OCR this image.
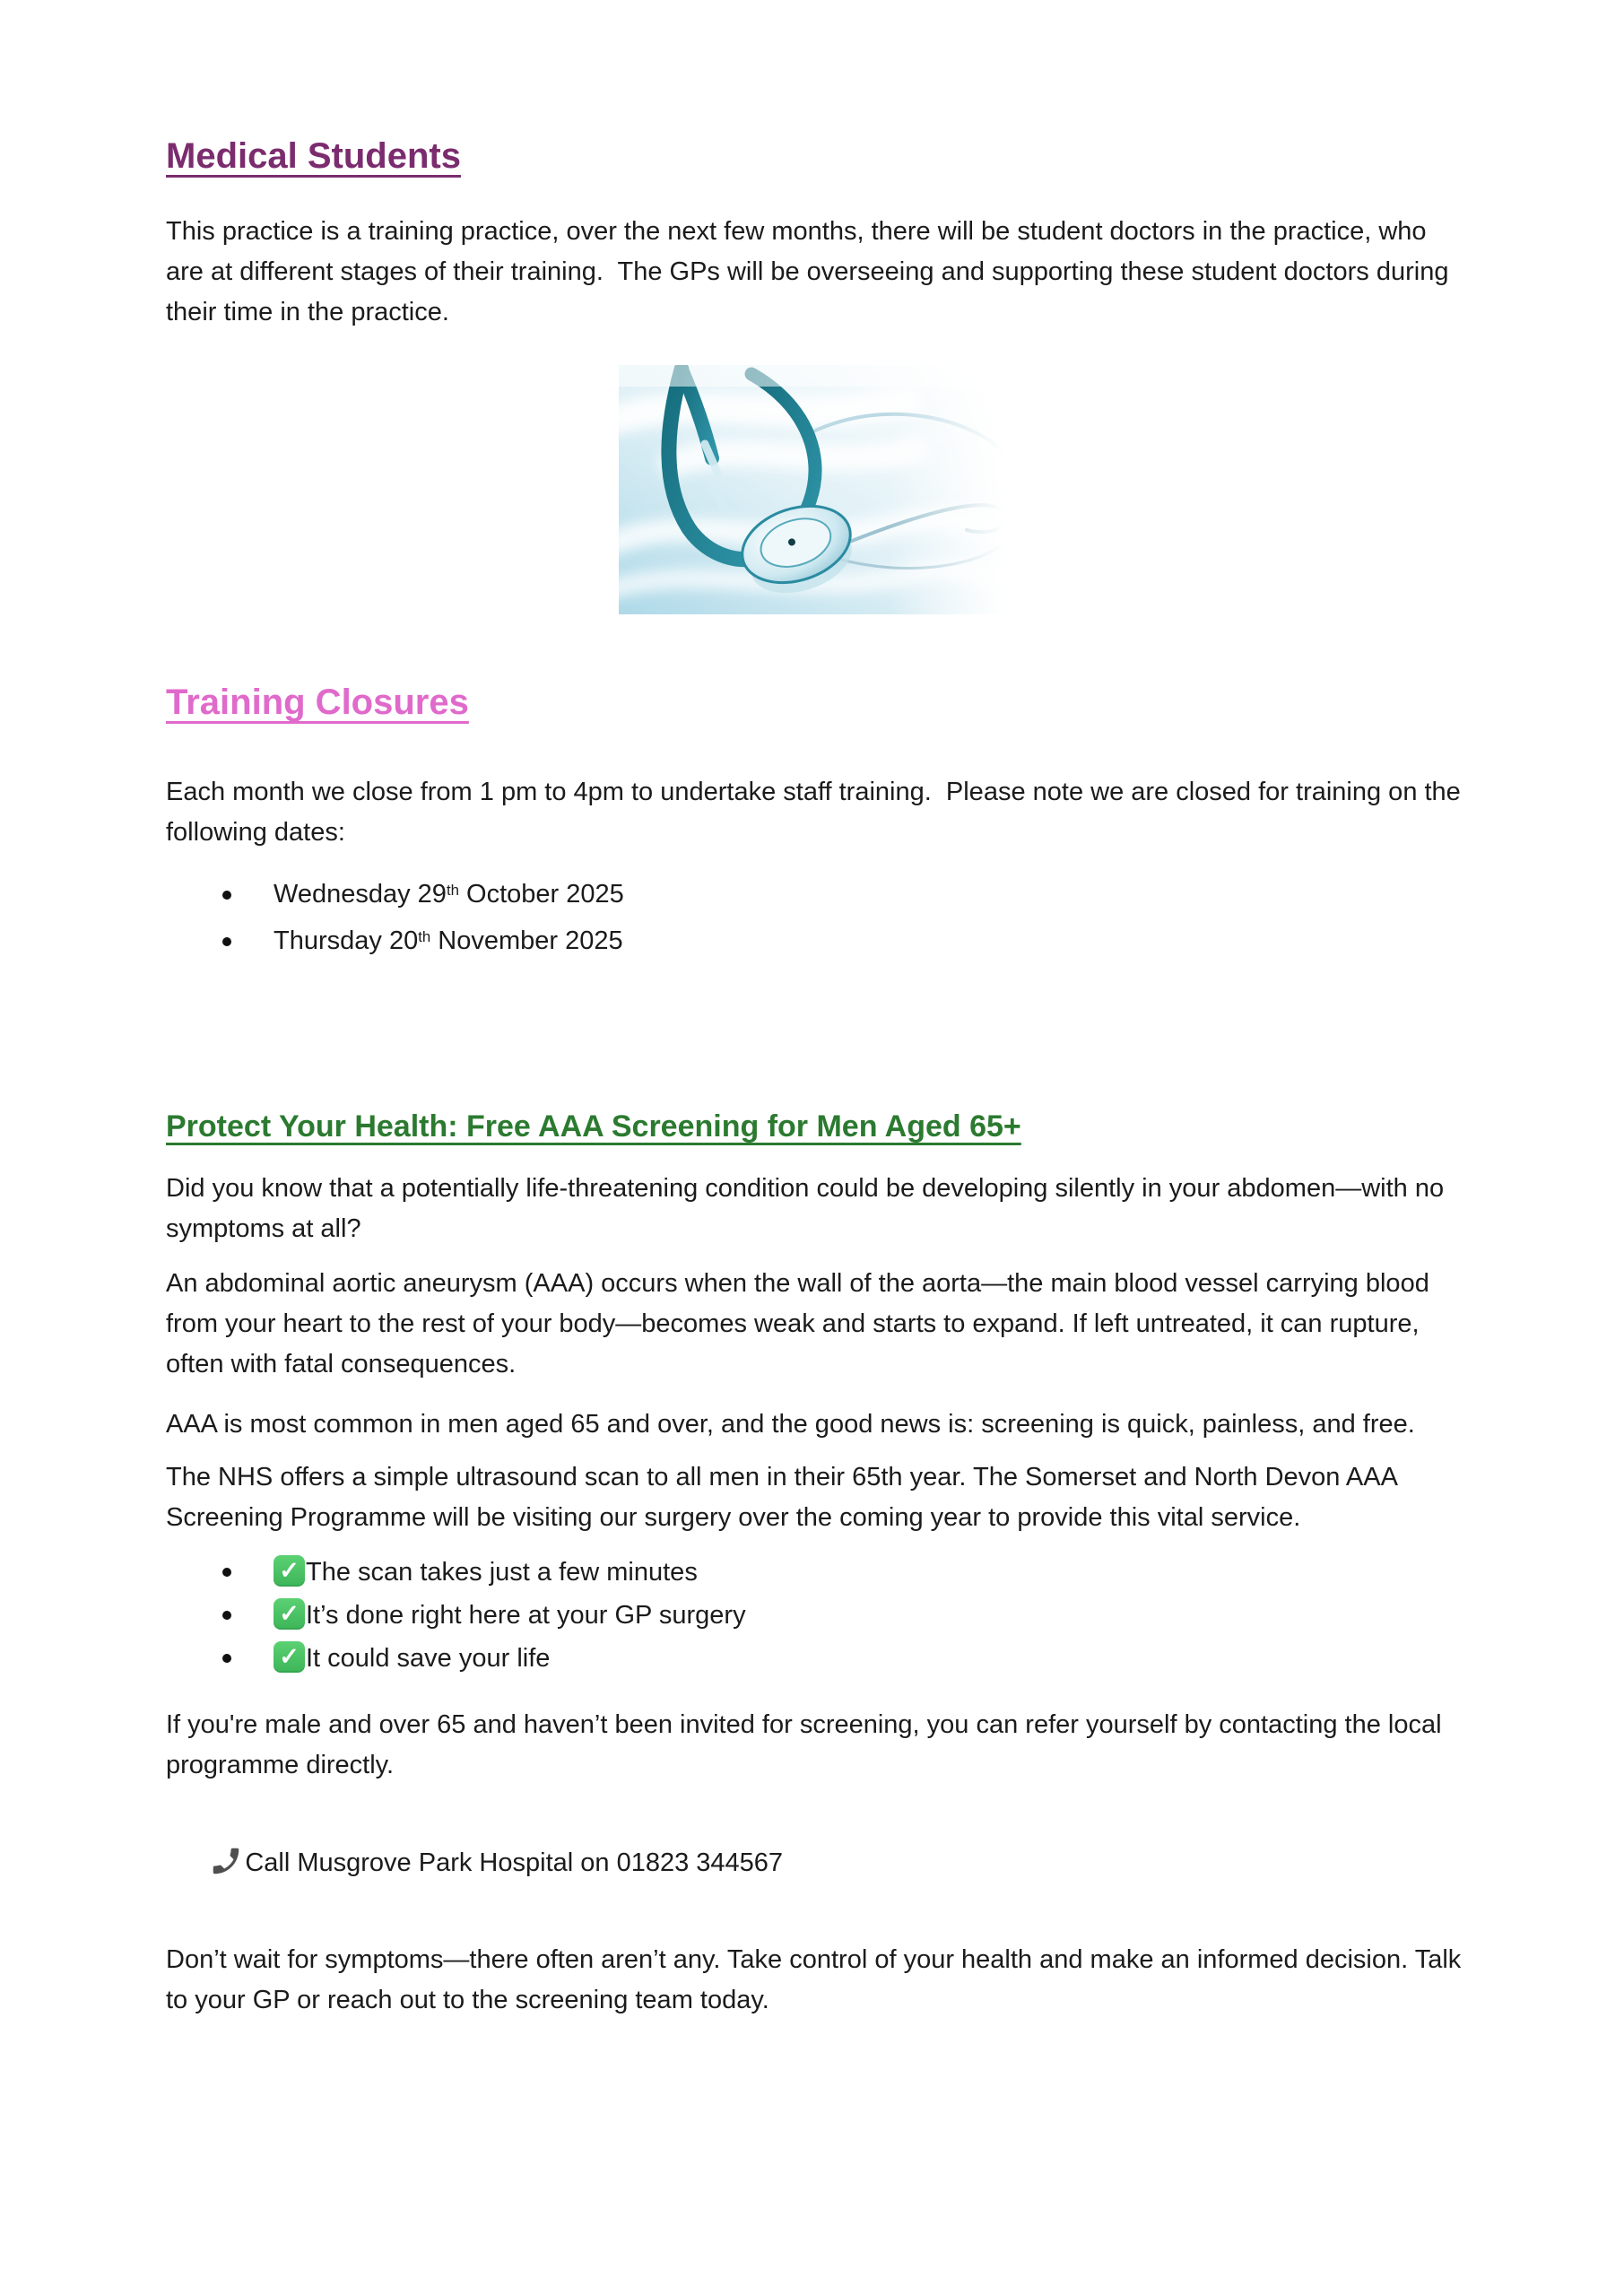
Medical Students

This practice is a training practice, over the next few months, there will be student doctors in the practice, who are at different stages of their training.  The GPs will be overseeing and supporting these student doctors during their time in the practice.

Training Closures

Each month we close from 1 pm to 4pm to undertake staff training.  Please note we are closed for training on the following dates:

Wednesday 29th October 2025
Thursday 20th November 2025
Protect Your Health: Free AAA Screening for Men Aged 65+

Did you know that a potentially life-threatening condition could be developing silently in your abdomen—with no symptoms at all?

An abdominal aortic aneurysm (AAA) occurs when the wall of the aorta—the main blood vessel carrying blood from your heart to the rest of your body—becomes weak and starts to expand. If left untreated, it can rupture, often with fatal consequences.

AAA is most common in men aged 65 and over, and the good news is: screening is quick, painless, and free.

The NHS offers a simple ultrasound scan to all men in their 65th year. The Somerset and North Devon AAA Screening Programme will be visiting our surgery over the coming year to provide this vital service.

✓The scan takes just a few minutes
✓It’s done right here at your GP surgery
✓It could save your life

If you're male and over 65 and haven’t been invited for screening, you can refer yourself by contacting the local programme directly.

Call Musgrove Park Hospital on 01823 344567

Don’t wait for symptoms—there often aren’t any. Take control of your health and make an informed decision. Talk to your GP or reach out to the screening team today.
